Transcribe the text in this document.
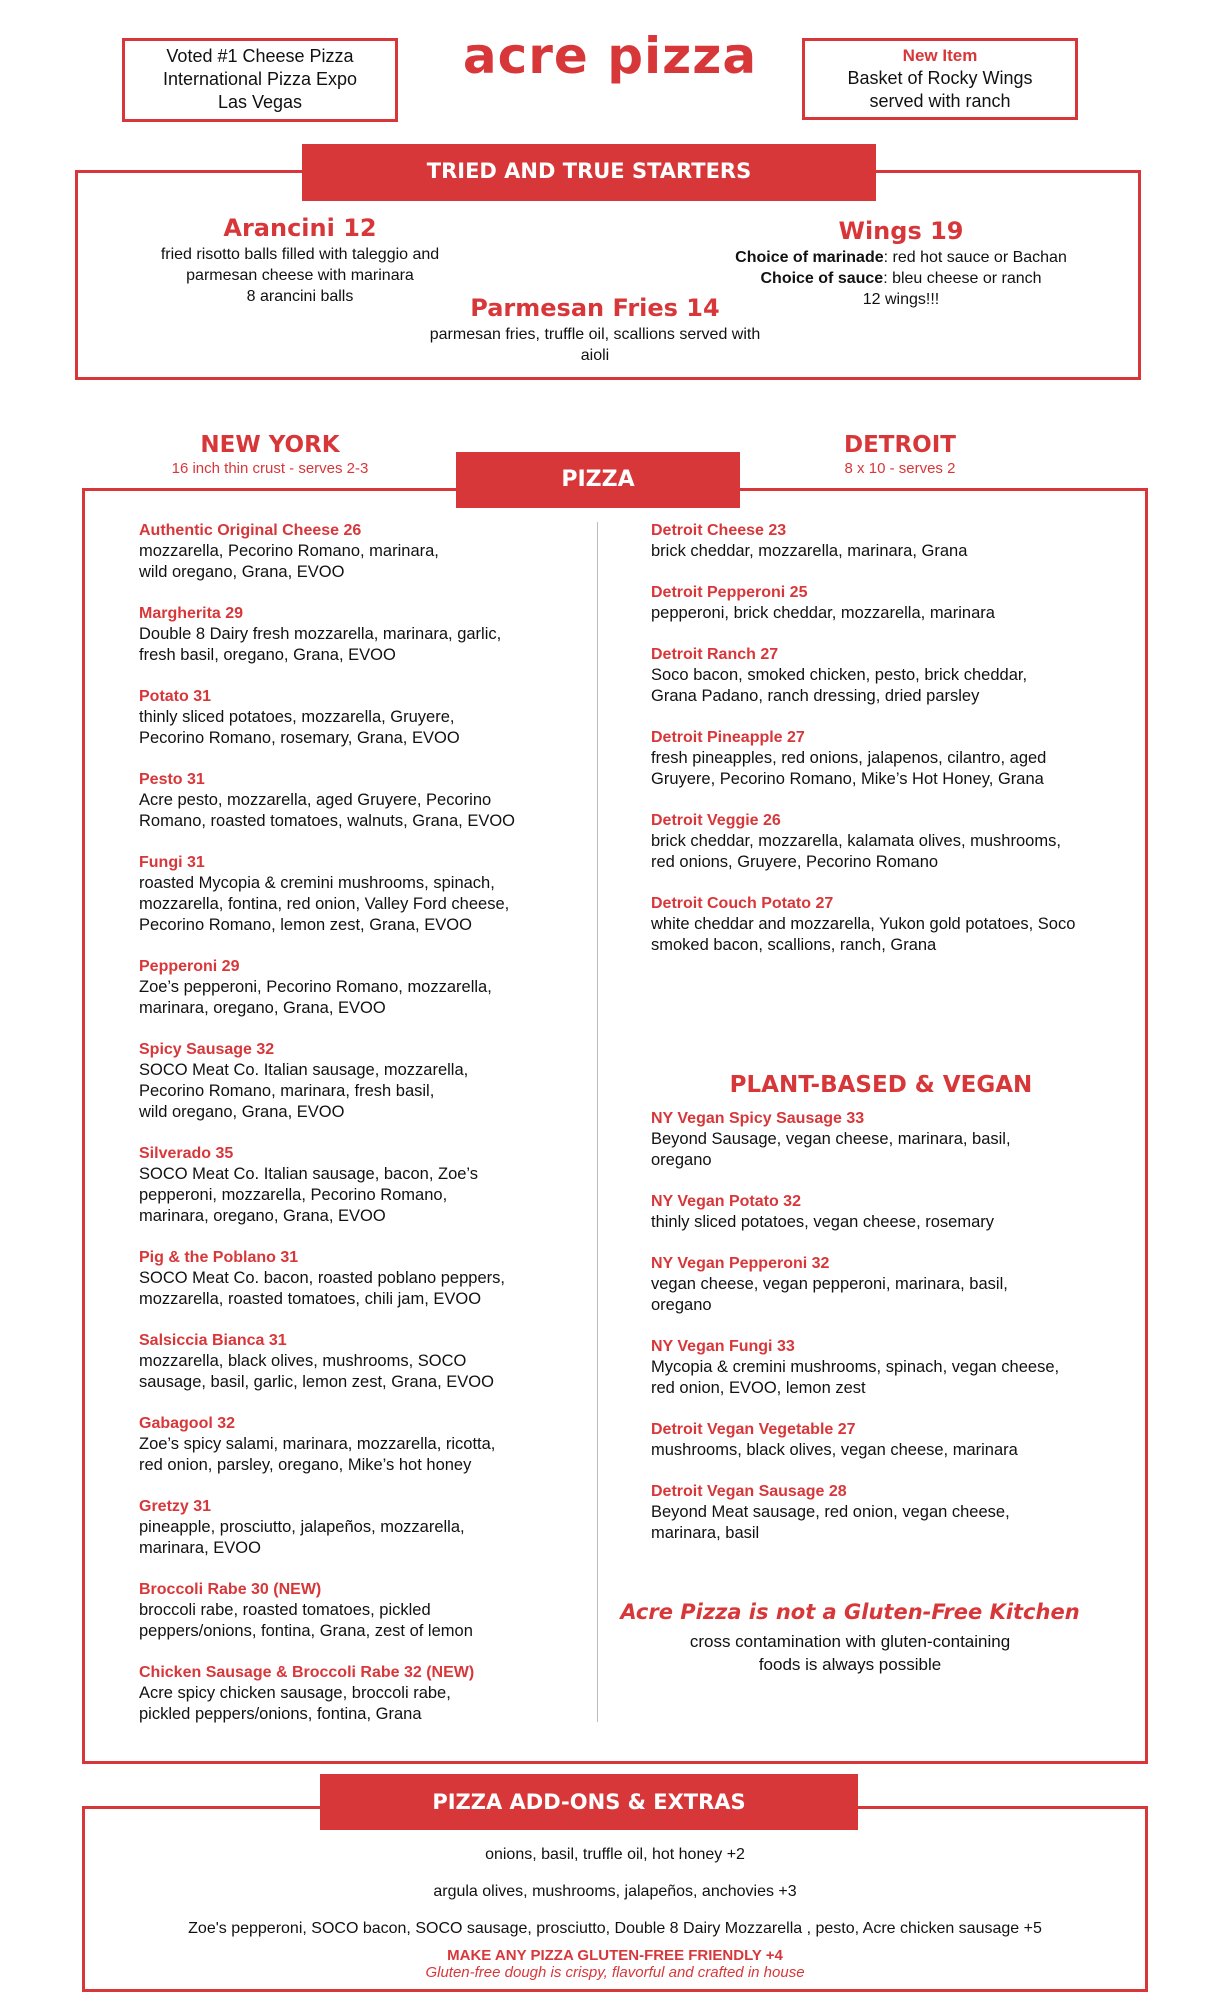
Voted #1 Cheese Pizza
International Pizza Expo
Las Vegas
acre pizza	New Item
Basket of Rocky Wings
served with ranch
TRIED AND TRUE STARTERS
Arancini 12
fried risotto balls filled with taleggio and
parmesan cheese with marinara
8 arancini balls	Parmesan Fries 14
parmesan fries, truffle oil, scallions served with
aioli
Wings 19
Choice of marinade: red hot sauce or Bachan
Choice of sauce: bleu cheese or ranch
12 wings!!!
NEW YORK
16 inch thin crust - serves 2-3
DETROIT
8 x 10 - serves 2
PIZZA
Authentic Original Cheese 26
mozzarella, Pecorino Romano, marinara,
wild oregano, Grana, EVOO
Margherita 29
Double 8 Dairy fresh mozzarella, marinara, garlic,
fresh basil, oregano, Grana, EVOO
Potato 31
thinly sliced potatoes, mozzarella, Gruyere,
Pecorino Romano, rosemary, Grana, EVOO
Pesto 31
Acre pesto, mozzarella, aged Gruyere, Pecorino
Romano, roasted tomatoes, walnuts, Grana, EVOO
Fungi 31
roasted Mycopia & cremini mushrooms, spinach,
mozzarella, fontina, red onion, Valley Ford cheese,
Pecorino Romano, lemon zest, Grana, EVOO
Pepperoni 29
Zoe’s pepperoni, Pecorino Romano, mozzarella,
marinara, oregano, Grana, EVOO
Spicy Sausage 32
SOCO Meat Co. Italian sausage, mozzarella,
Pecorino Romano, marinara, fresh basil,
wild oregano, Grana, EVOO
Silverado 35
SOCO Meat Co. Italian sausage, bacon, Zoe’s
pepperoni, mozzarella, Pecorino Romano,
marinara, oregano, Grana, EVOO
Pig & the Poblano 31
SOCO Meat Co. bacon, roasted poblano peppers,
mozzarella, roasted tomatoes, chili jam, EVOO
Salsiccia Bianca 31
mozzarella, black olives, mushrooms, SOCO
sausage, basil, garlic, lemon zest, Grana, EVOO
Gabagool 32
Zoe’s spicy salami, marinara, mozzarella, ricotta,
red onion, parsley, oregano, Mike’s hot honey
Gretzy 31
pineapple, prosciutto, jalapeños, mozzarella,
marinara, EVOO
Broccoli Rabe 30 (NEW)
broccoli rabe, roasted tomatoes, pickled
peppers/onions, fontina, Grana, zest of lemon
Chicken Sausage & Broccoli Rabe 32 (NEW)
Acre spicy chicken sausage, broccoli rabe,
pickled peppers/onions, fontina, Grana
Detroit Cheese 23
brick cheddar, mozzarella, marinara, Grana
Detroit Pepperoni 25
pepperoni, brick cheddar, mozzarella, marinara
Detroit Ranch 27
Soco bacon, smoked chicken, pesto, brick cheddar,
Grana Padano, ranch dressing, dried parsley
Detroit Pineapple 27
fresh pineapples, red onions, jalapenos, cilantro, aged
Gruyere, Pecorino Romano, Mike’s Hot Honey, Grana
Detroit Veggie 26
brick cheddar, mozzarella, kalamata olives, mushrooms,
red onions, Gruyere, Pecorino Romano
Detroit Couch Potato 27
white cheddar and mozzarella, Yukon gold potatoes, Soco
smoked bacon, scallions, ranch, Grana
PLANT-BASED & VEGAN
NY Vegan Spicy Sausage 33
Beyond Sausage, vegan cheese, marinara, basil,
oregano
NY Vegan Potato 32
thinly sliced potatoes, vegan cheese, rosemary
NY Vegan Pepperoni 32
vegan cheese, vegan pepperoni, marinara, basil,
oregano
NY Vegan Fungi 33
Mycopia & cremini mushrooms, spinach, vegan cheese,
red onion, EVOO, lemon zest
Detroit Vegan Vegetable 27
mushrooms, black olives, vegan cheese, marinara
Detroit Vegan Sausage 28
Beyond Meat sausage, red onion, vegan cheese,
marinara, basil
Acre Pizza is not a Gluten-Free Kitchen
cross contamination with gluten-containing
foods is always possible
PIZZA ADD-ONS & EXTRAS
onions, basil, truffle oil, hot honey +2
argula olives, mushrooms, jalapeños, anchovies +3
Zoe's pepperoni, SOCO bacon, SOCO sausage, prosciutto, Double 8 Dairy Mozzarella , pesto, Acre chicken sausage +5
MAKE ANY PIZZA GLUTEN-FREE FRIENDLY +4
Gluten-free dough is crispy, flavorful and crafted in house
